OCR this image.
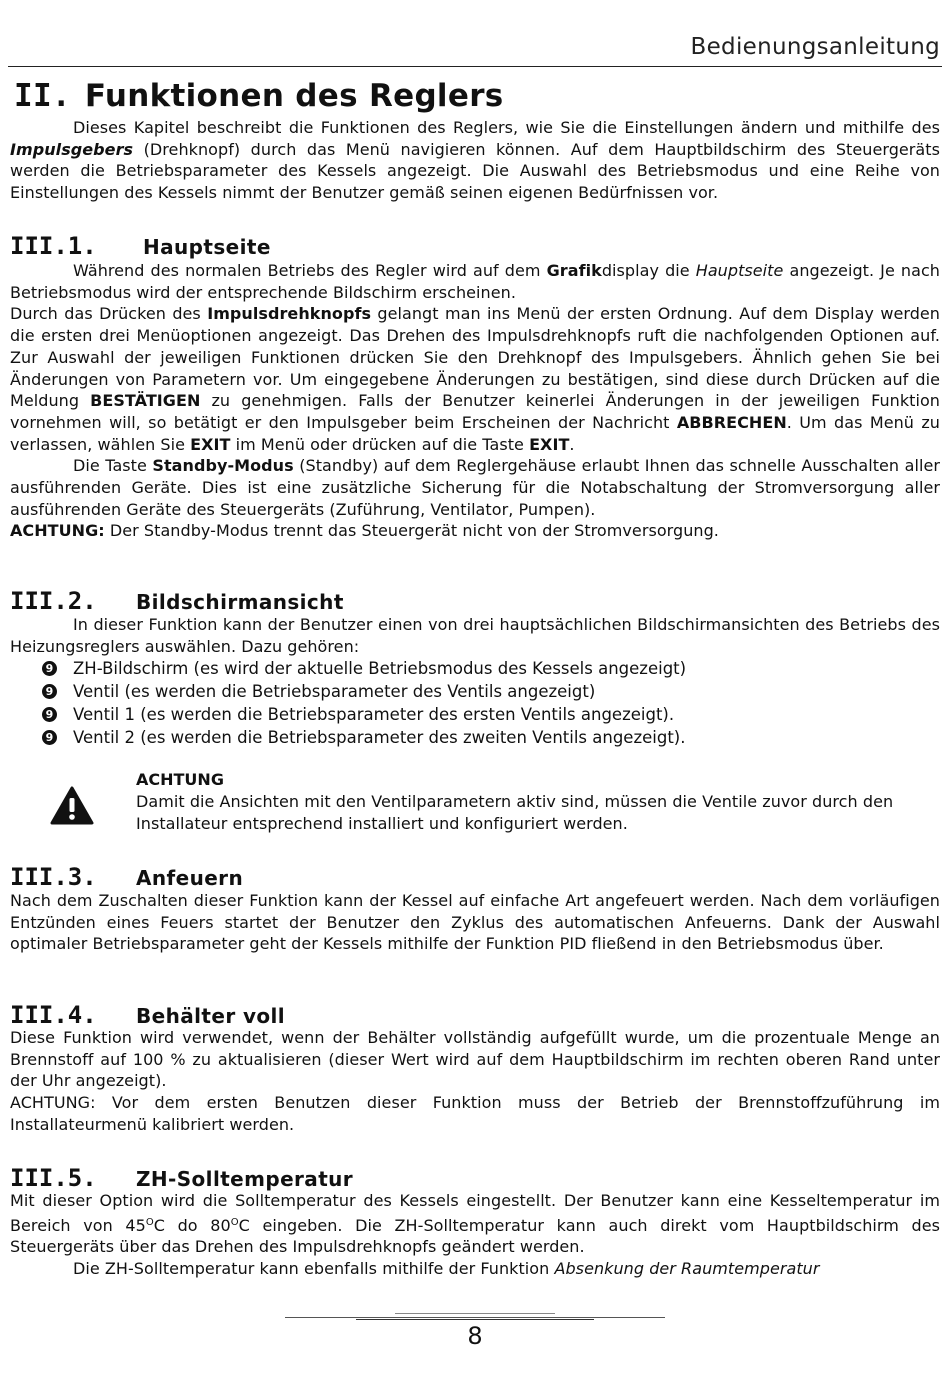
Bedienungsanleitung
II. Funktionen des Reglers

Dieses Kapitel beschreibt die Funktionen des Reglers, wie Sie die Einstellungen ändern und mithilfe des Impulsgebers (Drehknopf) durch das Menü navigieren können. Auf dem Hauptbildschirm des Steuergeräts werden die Betriebsparameter des Kessels angezeigt. Die Auswahl des Betriebsmodus und eine Reihe von Einstellungen des Kessels nimmt der Benutzer gemäß seinen eigenen Bedürfnissen vor.

III.1.	Hauptseite

Während des normalen Betriebs des Regler wird auf dem Grafikdisplay die Hauptseite angezeigt. Je nach Betriebsmodus wird der entsprechende Bildschirm erscheinen.

Durch das Drücken des Impulsdrehknopfs gelangt man ins Menü der ersten Ordnung. Auf dem Display werden die ersten drei Menüoptionen angezeigt. Das Drehen des Impulsdrehknopfs ruft die nachfolgenden Optionen auf. Zur Auswahl der jeweiligen Funktionen drücken Sie den Drehknopf des Impulsgebers. Ähnlich gehen Sie bei Änderungen von Parametern vor. Um eingegebene Änderungen zu bestätigen, sind diese durch Drücken auf die Meldung BESTÄTIGEN zu genehmigen. Falls der Benutzer keinerlei Änderungen in der jeweiligen Funktion vornehmen will, so betätigt er den Impulsgeber beim Erscheinen der Nachricht ABBRECHEN. Um das Menü zu verlassen, wählen Sie EXIT im Menü oder drücken auf die Taste EXIT.

Die Taste Standby-Modus (Standby) auf dem Reglergehäuse erlaubt Ihnen das schnelle Ausschalten aller ausführenden Geräte. Dies ist eine zusätzliche Sicherung für die Notabschaltung der Stromversorgung aller ausführenden Geräte des Steuergeräts (Zuführung, Ventilator, Pumpen).

ACHTUNG: Der Standby-Modus trennt das Steuergerät nicht von der Stromversorgung.

III.2.	Bildschirmansicht

In dieser Funktion kann der Benutzer einen von drei hauptsächlichen Bildschirmansichten des Betriebs des Heizungsreglers auswählen. Dazu gehören:

9 ZH-Bildschirm (es wird der aktuelle Betriebsmodus des Kessels angezeigt)
9 Ventil (es werden die Betriebsparameter des Ventils angezeigt)
9 Ventil 1 (es werden die Betriebsparameter des ersten Ventils angezeigt).
9 Ventil 2 (es werden die Betriebsparameter des zweiten Ventils angezeigt).
ACHTUNG

Damit die Ansichten mit den Ventilparametern aktiv sind, müssen die Ventile zuvor durch den Installateur entsprechend installiert und konfiguriert werden.

III.3.	Anfeuern

Nach dem Zuschalten dieser Funktion kann der Kessel auf einfache Art angefeuert werden. Nach dem vorläufigen Entzünden eines Feuers startet der Benutzer den Zyklus des automatischen Anfeuerns. Dank der Auswahl optimaler Betriebsparameter geht der Kessels mithilfe der Funktion PID fließend in den Betriebsmodus über.

III.4.	Behälter voll

Diese Funktion wird verwendet, wenn der Behälter vollständig aufgefüllt wurde, um die prozentuale Menge an Brennstoff auf 100 % zu aktualisieren (dieser Wert wird auf dem Hauptbildschirm im rechten oberen Rand unter der Uhr angezeigt).

ACHTUNG: Vor dem ersten Benutzen dieser Funktion muss der Betrieb der Brennstoffzuführung im Installateurmenü kalibriert werden.

III.5.	ZH-Solltemperatur

Mit dieser Option wird die Solltemperatur des Kessels eingestellt. Der Benutzer kann eine Kesseltemperatur im Bereich von $45^OC$ do $80^OC$ eingeben. Die ZH-Solltemperatur kann auch direkt vom Hauptbildschirm des Steuergeräts über das Drehen des Impulsdrehknopfs geändert werden.

Die ZH-Solltemperatur kann ebenfalls mithilfe der Funktion Absenkung der Raumtemperatur

8
